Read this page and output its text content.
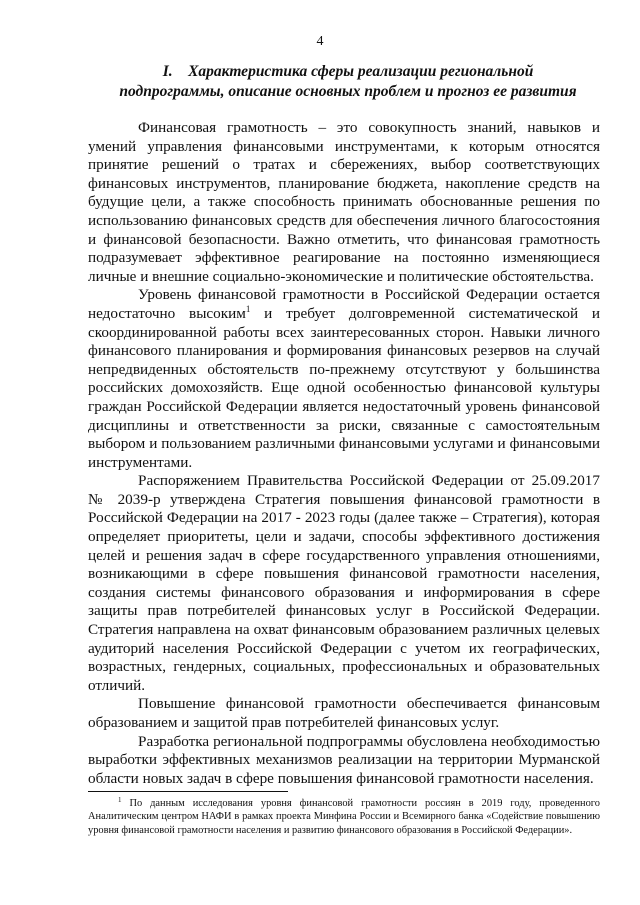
4
I.    Характеристика сферы реализации региональной
подпрограммы, описание основных проблем и прогноз ее развития

Финансовая грамотность – это совокупность знаний, навыков и умений управления финансовыми инструментами, к которым относятся принятие решений о тратах и сбережениях, выбор соответствующих финансовых инструментов, планирование бюджета, накопление средств на будущие цели, а также способность принимать обоснованные решения по использованию финансовых средств для обеспечения личного благосостояния и финансовой безопасности. Важно отметить, что финансовая грамотность подразумевает эффективное реагирование на постоянно изменяющиеся личные и внешние социально-экономические и политические обстоятельства.

Уровень финансовой грамотности в Российской Федерации остается недостаточно высоким$^1$ и требует долговременной систематической и скоординированной работы всех заинтересованных сторон. Навыки личного финансового планирования и формирования финансовых резервов на случай непредвиденных обстоятельств по-прежнему отсутствуют у большинства российских домохозяйств. Еще одной особенностью финансовой культуры граждан Российской Федерации является недостаточный уровень финансовой дисциплины и ответственности за риски, связанные с самостоятельным выбором и пользованием различными финансовыми услугами и финансовыми инструментами.

Распоряжением Правительства Российской Федерации от 25.09.2017 № 2039-р утверждена Стратегия повышения финансовой грамотности в Российской Федерации на 2017 - 2023 годы (далее также – Стратегия), которая определяет приоритеты, цели и задачи, способы эффективного достижения целей и решения задач в сфере государственного управления отношениями, возникающими в сфере повышения финансовой грамотности населения, создания системы финансового образования и информирования в сфере защиты прав потребителей финансовых услуг в Российской Федерации. Стратегия направлена на охват финансовым образованием различных целевых аудиторий населения Российской Федерации с учетом их географических, возрастных, гендерных, социальных, профессиональных и образовательных отличий.

Повышение финансовой грамотности обеспечивается финансовым образованием и защитой прав потребителей финансовых услуг.

Разработка региональной подпрограммы обусловлена необходимостью выработки эффективных механизмов реализации на территории Мурманской области новых задач в сфере повышения финансовой грамотности населения.

$^1$ По данным исследования уровня финансовой грамотности россиян в 2019 году, проведенного Аналитическим центром НАФИ в рамках проекта Минфина России и Всемирного банка «Содействие повышению уровня финансовой грамотности населения и развитию финансового образования в Российской Федерации».
